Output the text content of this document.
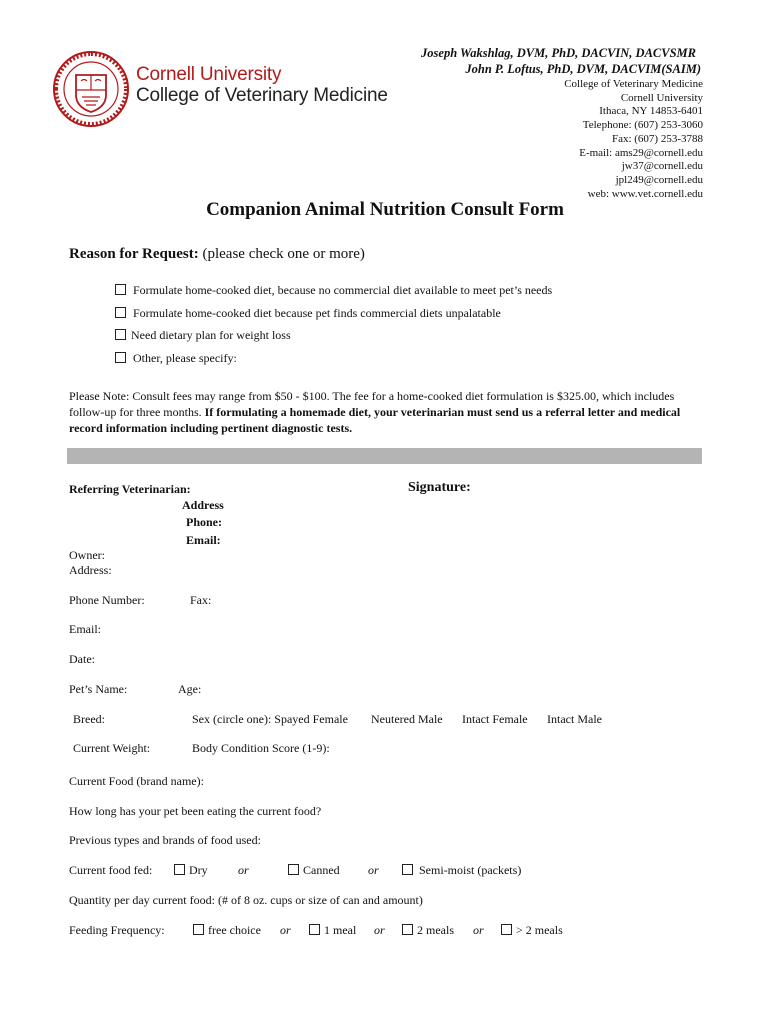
Cornell University
College of Veterinary Medicine
Joseph Wakshlag, DVM, PhD, DACVIN, DACVSMR
John P. Loftus, PhD, DVM, DACVIM(SAIM)
College of Veterinary Medicine
Cornell University
Ithaca, NY 14853-6401
Telephone: (607) 253-3060
Fax: (607) 253-3788
E-mail: ams29@cornell.edu
jw37@cornell.edu
jpl249@cornell.edu
web: www.vet.cornell.edu
Companion Animal Nutrition Consult Form
Reason for Request: (please check one or more)
Formulate home-cooked diet, because no commercial diet available to meet pet’s needs
Formulate home-cooked diet because pet finds commercial diets unpalatable
Need dietary plan for weight loss
Other, please specify:
Please Note: Consult fees may range from $50 - $100. The fee for a home-cooked diet formulation is $325.00, which includes follow-up for three months. If formulating a homemade diet, your veterinarian must send us a referral letter and medical record information including pertinent diagnostic tests.
Referring Veterinarian:
Address
Phone:
Email:
Signature:
Owner:
Address:
Phone Number:	Fax:
Email:
Date:
Pet’s Name:	Age:
Breed:	Sex (circle one): Spayed Female Neutered Male Intact Female Intact Male
Current Weight:	Body Condition Score (1-9):
Current Food (brand name):
How long has your pet been eating the current food?
Previous types and brands of food used:
Current food fed:	Dry	or	Canned or	Semi-moist (packets)
Quantity per day current food: (# of 8 oz. cups or size of can and amount)
Feeding Frequency:	free choice or	1 meal or	2 meals or	> 2 meals
